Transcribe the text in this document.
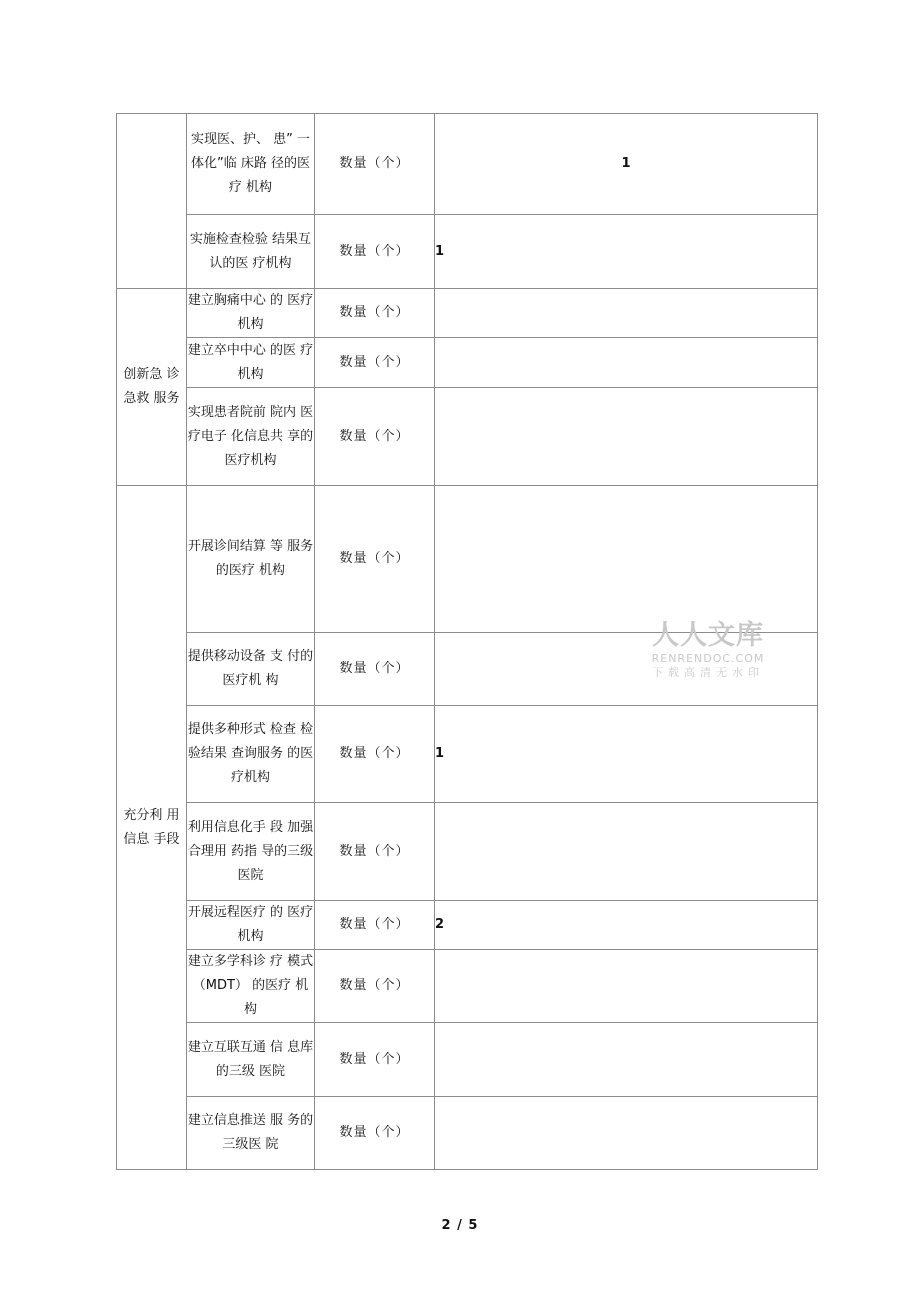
	实现医、护、 患” 一体化”临 床路 径的医疗 机构	数量（个）	1
	实施检查检验 结果互认的医 疗机构	数量（个）	1
创新急 诊 急救 服务	建立胸痛中心 的 医疗机构	数量（个）	
	建立卒中中心 的医 疗机构	数量（个）	
	实现患者院前 院内 医疗电子 化信息共 享的 医疗机构	数量（个）	
充分利 用 信息 手段	开展诊间结算 等 服务的医疗 机构	数量（个）	
	提供移动设备 支 付的医疗机 构	数量（个）	
	提供多种形式 检查 检验结果 查询服务 的医 疗机构	数量（个）	1
	利用信息化手 段 加强合理用 药指 导的三级 医院	数量（个）	
	开展远程医疗 的 医疗机构	数量（个）	2
	建立多学科诊 疗 模式（MDT） 的医疗 机构	数量（个）	
	建立互联互通 信 息库的三级 医院	数量（个）	
	建立信息推送 服 务的三级医 院	数量（个）	
人人文库
RENRENDOC.COM
下载高清无水印
2 / 5
